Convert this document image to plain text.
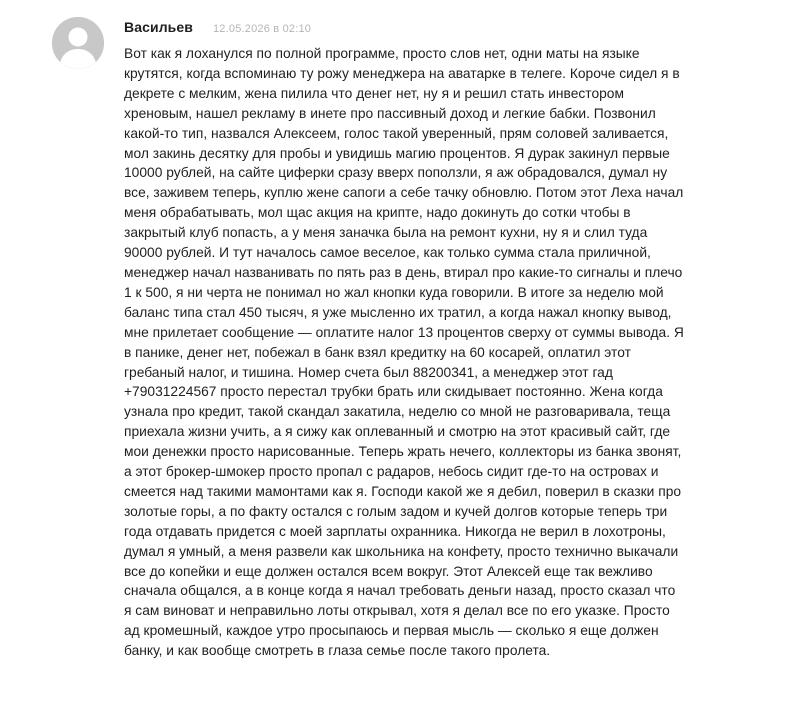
Васильев 12.05.2026 в 02:10

Вот как я лоханулся по полной программе, просто слов нет, одни маты на языке крутятся, когда вспоминаю ту рожу менеджера на аватарке в телеге. Короче сидел я в декрете с мелким, жена пилила что денег нет, ну я и решил стать инвестором хреновым, нашел рекламу в инете про пассивный доход и легкие бабки. Позвонил какой-то тип, назвался Алексеем, голос такой уверенный, прям соловей заливается, мол закинь десятку для пробы и увидишь магию процентов. Я дурак закинул первые 10000 рублей, на сайте циферки сразу вверх поползли, я аж обрадовался, думал ну все, заживем теперь, куплю жене сапоги а себе тачку обновлю. Потом этот Леха начал меня обрабатывать, мол щас акция на крипте, надо докинуть до сотки чтобы в закрытый клуб попасть, а у меня заначка была на ремонт кухни, ну я и слил туда 90000 рублей. И тут началось самое веселое, как только сумма стала приличной, менеджер начал названивать по пять раз в день, втирал про какие-то сигналы и плечо 1 к 500, я ни черта не понимал но жал кнопки куда говорили. В итоге за неделю мой баланс типа стал 450 тысяч, я уже мысленно их тратил, а когда нажал кнопку вывод, мне прилетает сообщение — оплатите налог 13 процентов сверху от суммы вывода. Я в панике, денег нет, побежал в банк взял кредитку на 60 косарей, оплатил этот гребаный налог, и тишина. Номер счета был 88200341, а менеджер этот гад +79031224567 просто перестал трубки брать или скидывает постоянно. Жена когда узнала про кредит, такой скандал закатила, неделю со мной не разговаривала, теща приехала жизни учить, а я сижу как оплеванный и смотрю на этот красивый сайт, где мои денежки просто нарисованные. Теперь жрать нечего, коллекторы из банка звонят, а этот брокер-шмокер просто пропал с радаров, небось сидит где-то на островах и смеется над такими мамонтами как я. Господи какой же я дебил, поверил в сказки про золотые горы, а по факту остался с голым задом и кучей долгов которые теперь три года отдавать придется с моей зарплаты охранника. Никогда не верил в лохотроны, думал я умный, а меня развели как школьника на конфету, просто технично выкачали все до копейки и еще должен остался всем вокруг. Этот Алексей еще так вежливо сначала общался, а в конце когда я начал требовать деньги назад, просто сказал что я сам виноват и неправильно лоты открывал, хотя я делал все по его указке. Просто ад кромешный, каждое утро просыпаюсь и первая мысль — сколько я еще должен банку, и как вообще смотреть в глаза семье после такого пролета.
